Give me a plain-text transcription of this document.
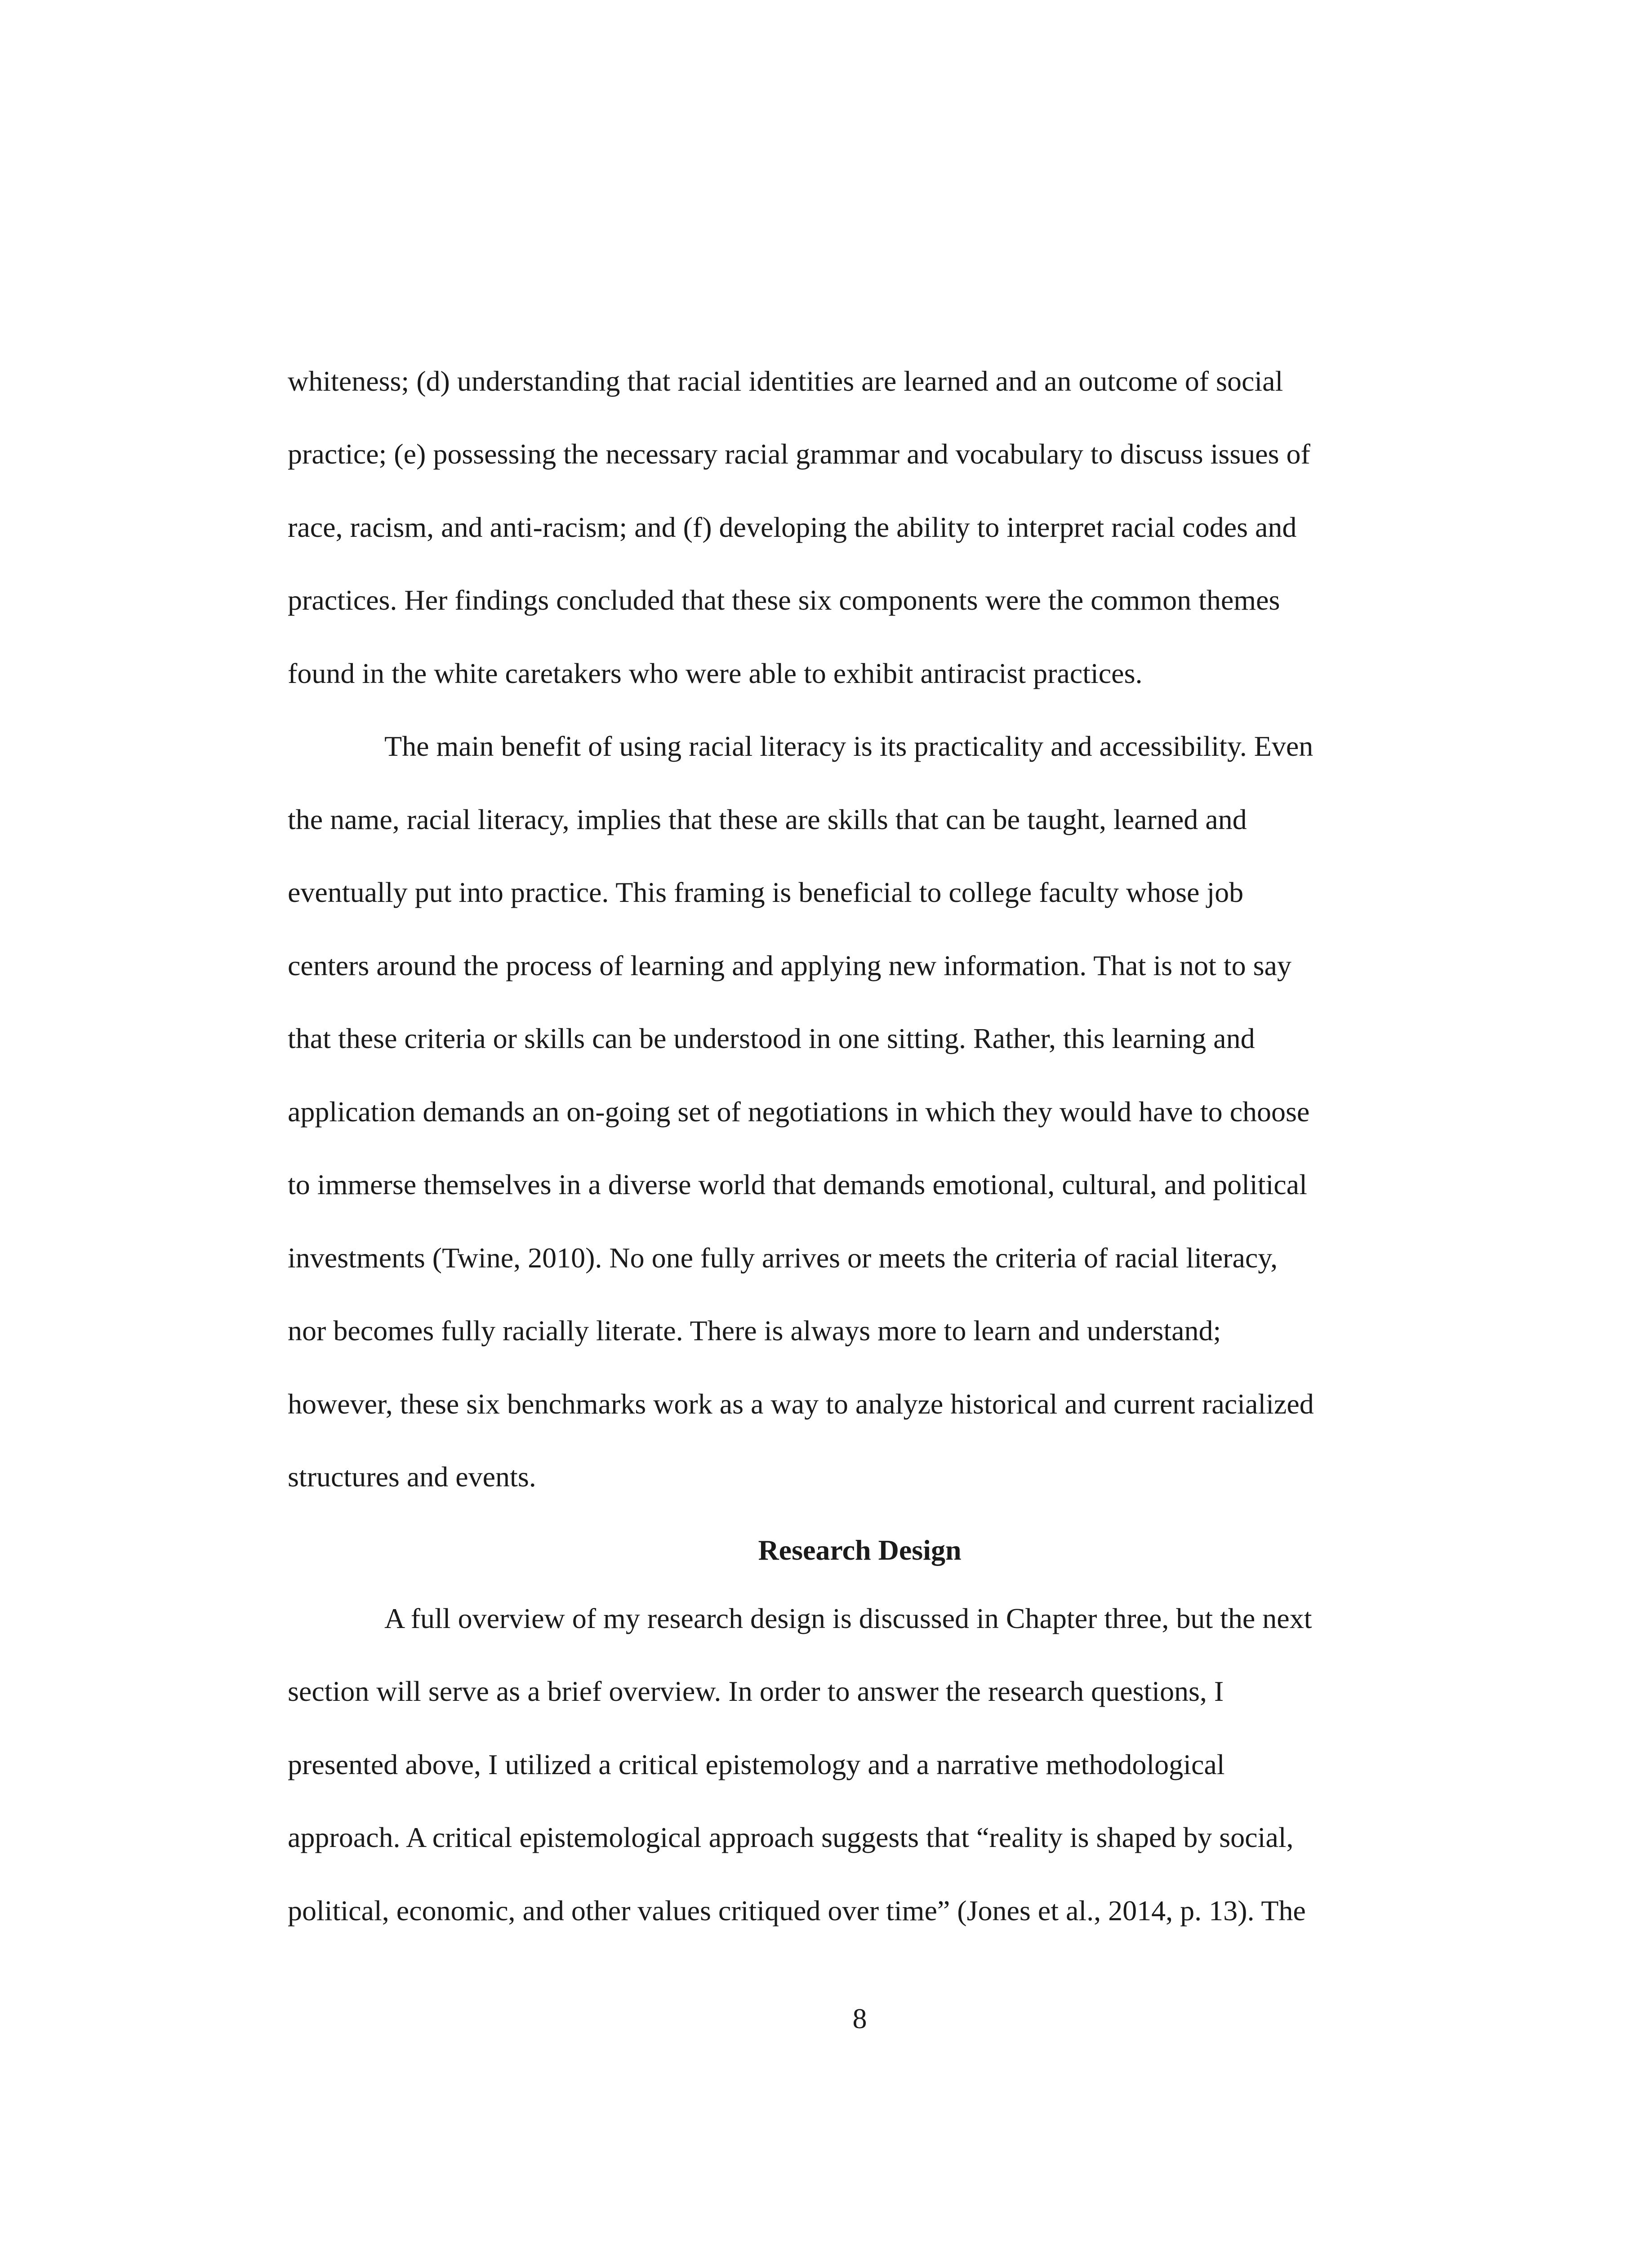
whiteness; (d) understanding that racial identities are learned and an outcome of social
practice; (e) possessing the necessary racial grammar and vocabulary to discuss issues of
race, racism, and anti-racism; and (f) developing the ability to interpret racial codes and
practices. Her findings concluded that these six components were the common themes
found in the white caretakers who were able to exhibit antiracist practices.
The main benefit of using racial literacy is its practicality and accessibility. Even
the name, racial literacy, implies that these are skills that can be taught, learned and
eventually put into practice. This framing is beneficial to college faculty whose job
centers around the process of learning and applying new information. That is not to say
that these criteria or skills can be understood in one sitting. Rather, this learning and
application demands an on-going set of negotiations in which they would have to choose
to immerse themselves in a diverse world that demands emotional, cultural, and political
investments (Twine, 2010). No one fully arrives or meets the criteria of racial literacy,
nor becomes fully racially literate. There is always more to learn and understand;
however, these six benchmarks work as a way to analyze historical and current racialized
structures and events.
Research Design
A full overview of my research design is discussed in Chapter three, but the next
section will serve as a brief overview. In order to answer the research questions, I
presented above, I utilized a critical epistemology and a narrative methodological
approach. A critical epistemological approach suggests that “reality is shaped by social,
political, economic, and other values critiqued over time” (Jones et al., 2014, p. 13). The
8
